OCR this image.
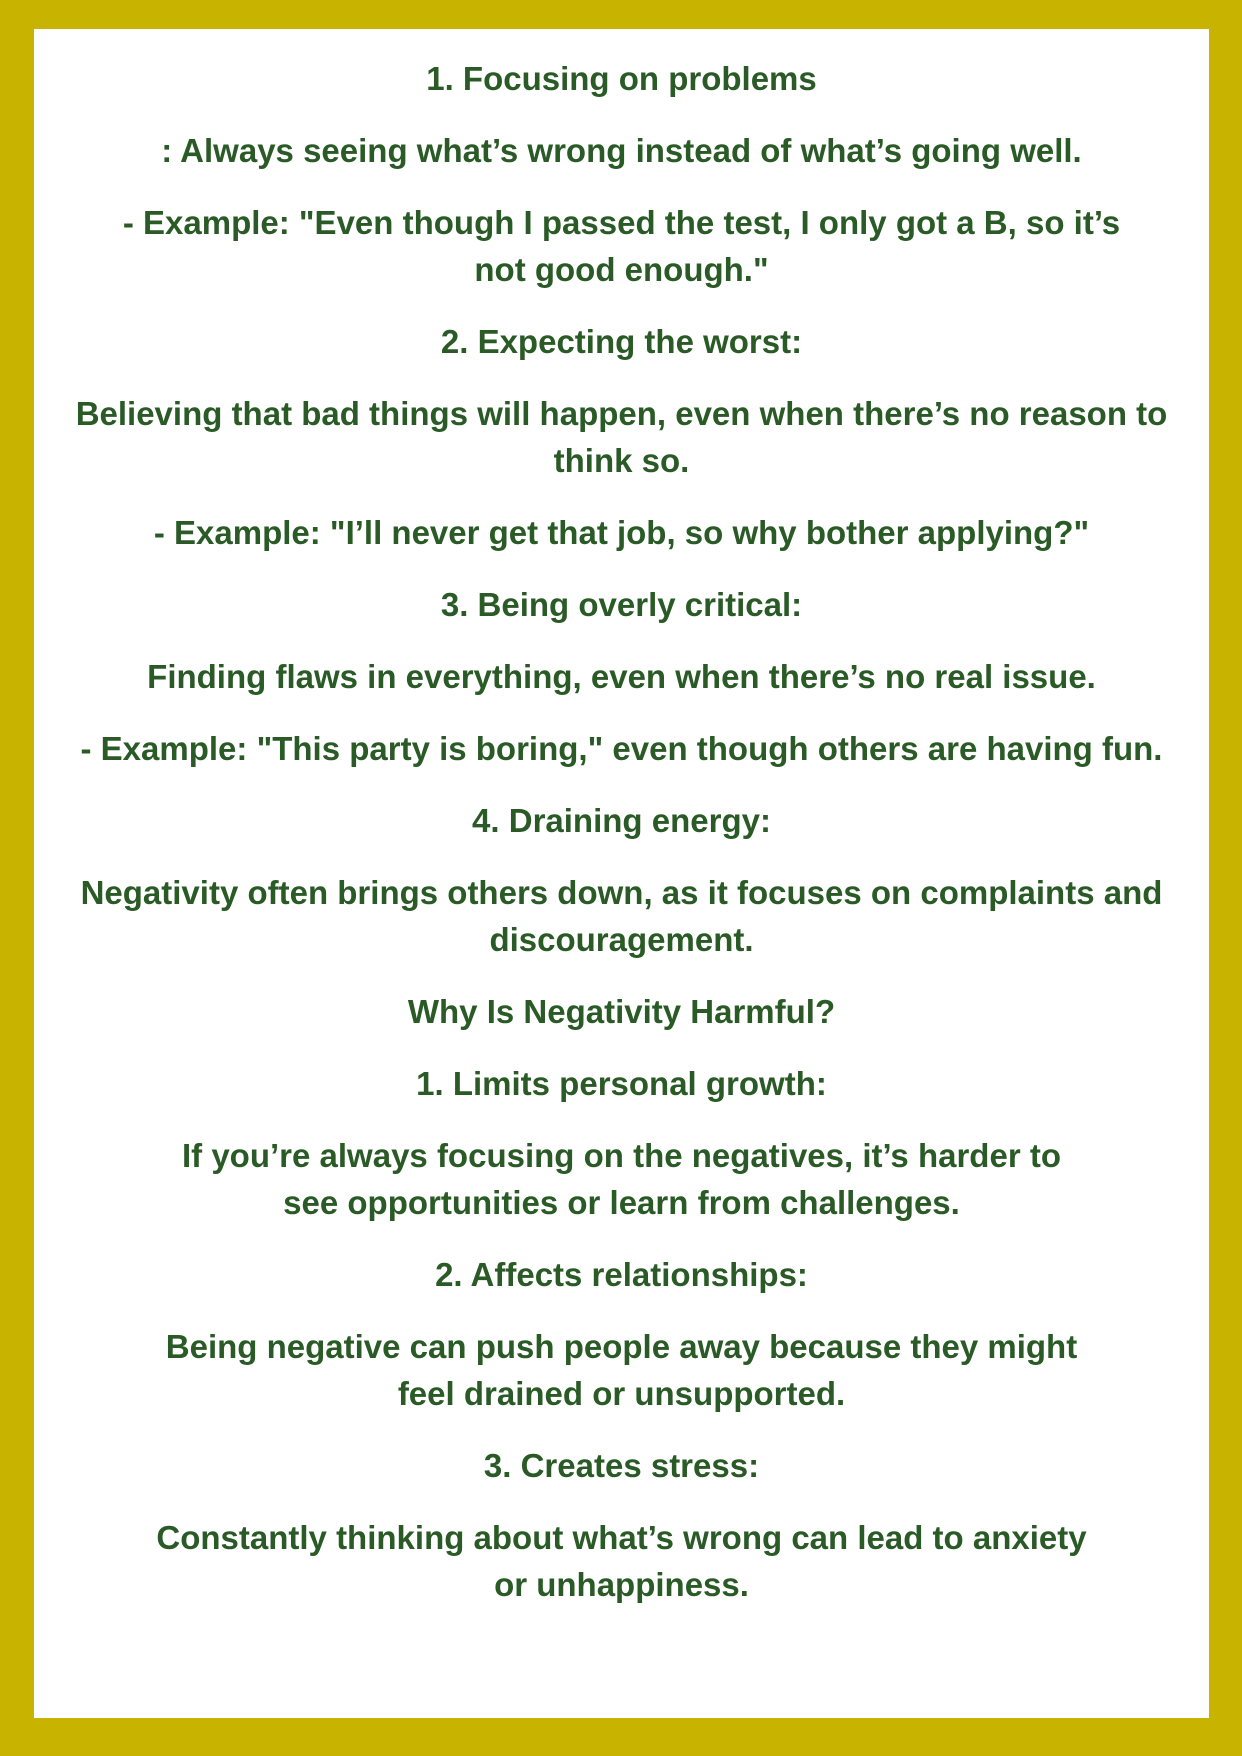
1. Focusing on problems

: Always seeing what’s wrong instead of what’s going well.

- Example: "Even though I passed the test, I only got a B, so it’s not good enough."

2. Expecting the worst:

Believing that bad things will happen, even when there’s no reason to think so.

- Example: "I’ll never get that job, so why bother applying?"

3. Being overly critical:

Finding flaws in everything, even when there’s no real issue.

- Example: "This party is boring," even though others are having fun.

4. Draining energy:

Negativity often brings others down, as it focuses on complaints and discouragement.

Why Is Negativity Harmful?

1. Limits personal growth:

If you’re always focusing on the negatives, it’s harder to see opportunities or learn from challenges.

2. Affects relationships:

Being negative can push people away because they might feel drained or unsupported.

3. Creates stress:

Constantly thinking about what’s wrong can lead to anxiety or unhappiness.
